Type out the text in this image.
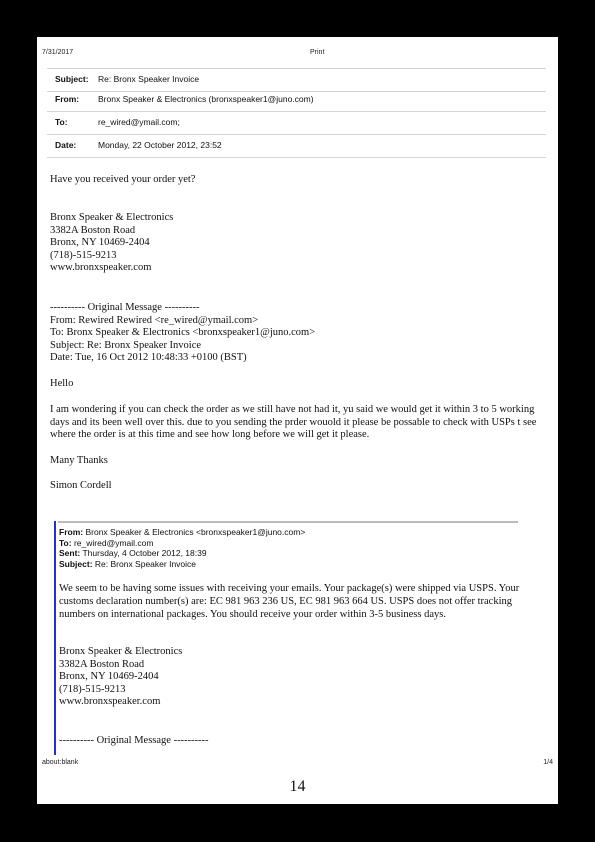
7/31/2017	Print
Subject: Re: Bronx Speaker Invoice
From: Bronx Speaker & Electronics (bronxspeaker1@juno.com)
To:	re_wired@ymail.com;
Date:	Monday, 22 October 2012, 23:52
Have you received your order yet?
Bronx Speaker & Electronics
3382A Boston Road
Bronx, NY 10469-2404
(718)-515-9213
www.bronxspeaker.com
---------- Original Message ----------
From: Rewired Rewired <re_wired@ymail.com>
To: Bronx Speaker & Electronics <bronxspeaker1@juno.com>
Subject: Re: Bronx Speaker Invoice
Date: Tue, 16 Oct 2012 10:48:33 +0100 (BST)
Hello
I am wondering if you can check the order as we still have not had it, yu said we would get it within 3 to 5 working days and its been well over this. due to you sending the prder wouold it please be possable to check with USPs t see where the order is at this time and see how long before we will get it please.
Many Thanks
Simon Cordell
From: Bronx Speaker & Electronics <bronxspeaker1@juno.com>
To: re_wired@ymail.com
Sent: Thursday, 4 October 2012, 18:39
Subject: Re: Bronx Speaker Invoice
We seem to be having some issues with receiving your emails. Your package(s) were shipped via USPS. Your customs declaration number(s) are: EC 981 963 236 US, EC 981 963 664 US. USPS does not offer tracking numbers on international packages. You should receive your order within 3-5 business days.
Bronx Speaker & Electronics
3382A Boston Road
Bronx, NY 10469-2404
(718)-515-9213
www.bronxspeaker.com
---------- Original Message ----------
about:blank	1/4
14
